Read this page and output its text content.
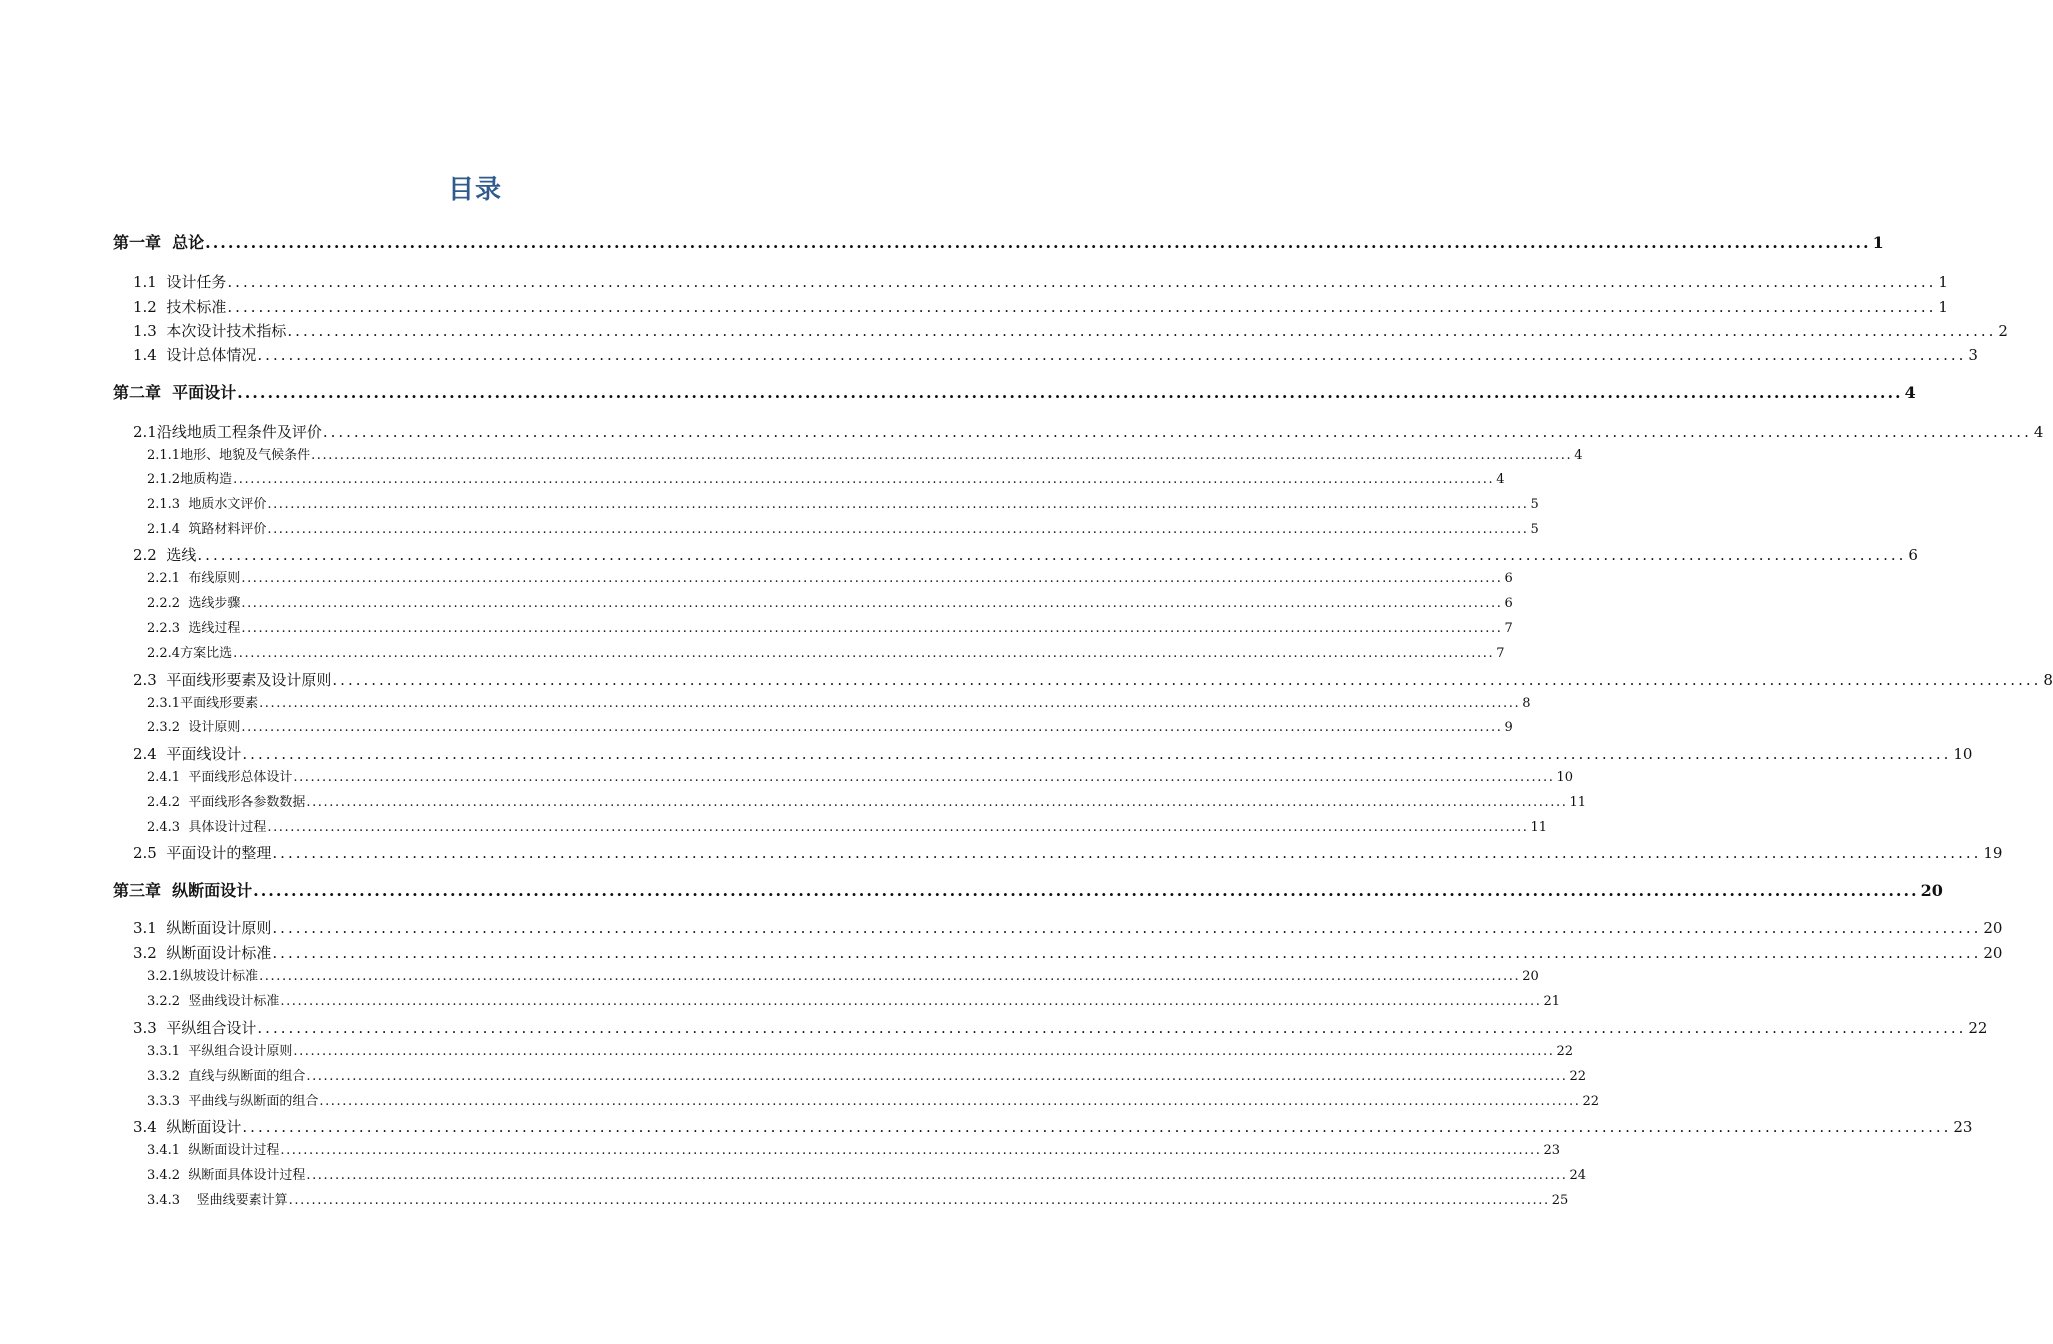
目录
第一章  总论 ............................................................................................................................................................................................................................ 1
1.1  设计任务 ............................................................................................................................................................................................................................ 1
1.2  技术标准 ............................................................................................................................................................................................................................ 1
1.3  本次设计技术指标 ............................................................................................................................................................................................................................ 2
1.4  设计总体情况 ............................................................................................................................................................................................................................ 3
第二章  平面设计 ............................................................................................................................................................................................................................ 4
2.1沿线地质工程条件及评价 ............................................................................................................................................................................................................................ 4
2.1.1地形、地貌及气候条件 ............................................................................................................................................................................................................................ 4
2.1.2地质构造 ............................................................................................................................................................................................................................ 4
2.1.3  地质水文评价 ............................................................................................................................................................................................................................ 5
2.1.4  筑路材料评价 ............................................................................................................................................................................................................................ 5
2.2  选线 ............................................................................................................................................................................................................................ 6
2.2.1  布线原则 ............................................................................................................................................................................................................................ 6
2.2.2  选线步骤 ............................................................................................................................................................................................................................ 6
2.2.3  选线过程 ............................................................................................................................................................................................................................ 7
2.2.4方案比选 ............................................................................................................................................................................................................................ 7
2.3  平面线形要素及设计原则 ............................................................................................................................................................................................................................ 8
2.3.1平面线形要素 ............................................................................................................................................................................................................................ 8
2.3.2  设计原则 ............................................................................................................................................................................................................................ 9
2.4  平面线设计 ............................................................................................................................................................................................................................ 10
2.4.1  平面线形总体设计 ............................................................................................................................................................................................................................ 10
2.4.2  平面线形各参数数据 ............................................................................................................................................................................................................................ 11
2.4.3  具体设计过程 ............................................................................................................................................................................................................................ 11
2.5  平面设计的整理 ............................................................................................................................................................................................................................ 19
第三章  纵断面设计 ............................................................................................................................................................................................................................ 20
3.1  纵断面设计原则 ............................................................................................................................................................................................................................ 20
3.2  纵断面设计标准 ............................................................................................................................................................................................................................ 20
3.2.1纵坡设计标准 ............................................................................................................................................................................................................................ 20
3.2.2  竖曲线设计标准 ............................................................................................................................................................................................................................ 21
3.3  平纵组合设计 ............................................................................................................................................................................................................................ 22
3.3.1  平纵组合设计原则 ............................................................................................................................................................................................................................ 22
3.3.2  直线与纵断面的组合 ............................................................................................................................................................................................................................ 22
3.3.3  平曲线与纵断面的组合 ............................................................................................................................................................................................................................ 22
3.4  纵断面设计 ............................................................................................................................................................................................................................ 23
3.4.1  纵断面设计过程 ............................................................................................................................................................................................................................ 23
3.4.2  纵断面具体设计过程 ............................................................................................................................................................................................................................ 24
3.4.3    竖曲线要素计算 ............................................................................................................................................................................................................................ 25
